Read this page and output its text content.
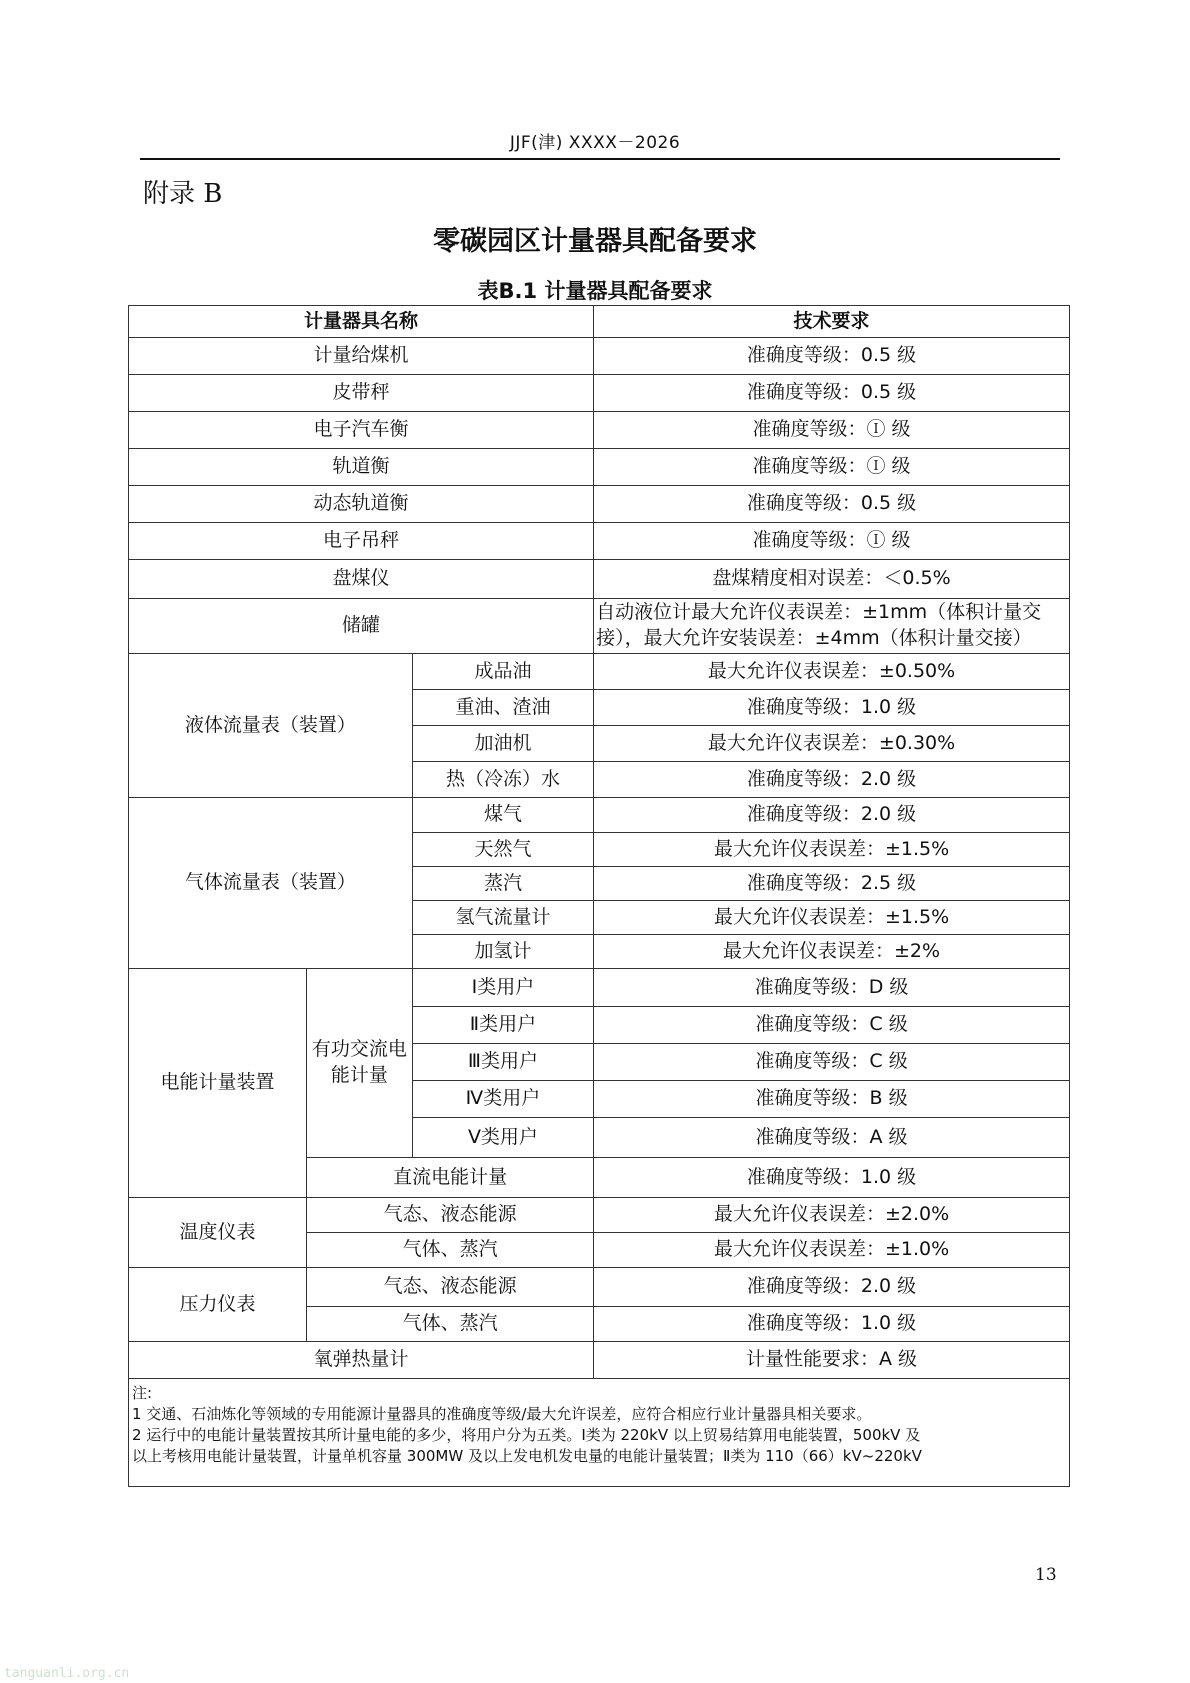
JJF(津) XXXX－2026
附录 B
零碳园区计量器具配备要求
表B.1 计量器具配备要求
计量器具名称			技术要求
计量给煤机			准确度等级：0.5 级
皮带秤			准确度等级：0.5 级
电子汽车衡			准确度等级：Ⓘ 级
轨道衡			准确度等级：Ⓘ 级
动态轨道衡			准确度等级：0.5 级
电子吊秤			准确度等级：Ⓘ 级
盘煤仪			盘煤精度相对误差：＜0.5%
储罐			自动液位计最大允许仪表误差：±1mm（体积计量交接），最大允许安装误差：±4mm（体积计量交接）
液体流量表（装置）		成品油	最大允许仪表误差：±0.50%
		重油、渣油	准确度等级：1.0 级
		加油机	最大允许仪表误差：±0.30%
		热（冷冻）水	准确度等级：2.0 级
气体流量表（装置）		煤气	准确度等级：2.0 级
		天然气	最大允许仪表误差：±1.5%
		蒸汽	准确度等级：2.5 级
		氢气流量计	最大允许仪表误差：±1.5%
		加氢计	最大允许仪表误差：±2%
电能计量装置	有功交流电能计量	Ⅰ类用户	准确度等级：D 级
		Ⅱ类用户	准确度等级：C 级
		Ⅲ类用户	准确度等级：C 级
		Ⅳ类用户	准确度等级：B 级
		Ⅴ类用户	准确度等级：A 级
	直流电能计量		准确度等级：1.0 级
温度仪表	气态、液态能源		最大允许仪表误差：±2.0%
	气体、蒸汽		最大允许仪表误差：±1.0%
压力仪表	气态、液态能源		准确度等级：2.0 级
	气体、蒸汽		准确度等级：1.0 级
氧弹热量计			计量性能要求：A 级

注:
1 交通、石油炼化等领域的专用能源计量器具的准确度等级/最大允许误差，应符合相应行业计量器具相关要求。
2 运行中的电能计量装置按其所计量电能的多少，将用户分为五类。Ⅰ类为 220kV 以上贸易结算用电能装置，500kV 及
以上考核用电能计量装置，计量单机容量 300MW 及以上发电机发电量的电能计量装置；Ⅱ类为 110（66）kV~220kV			
13
tanguanli.org.cn
